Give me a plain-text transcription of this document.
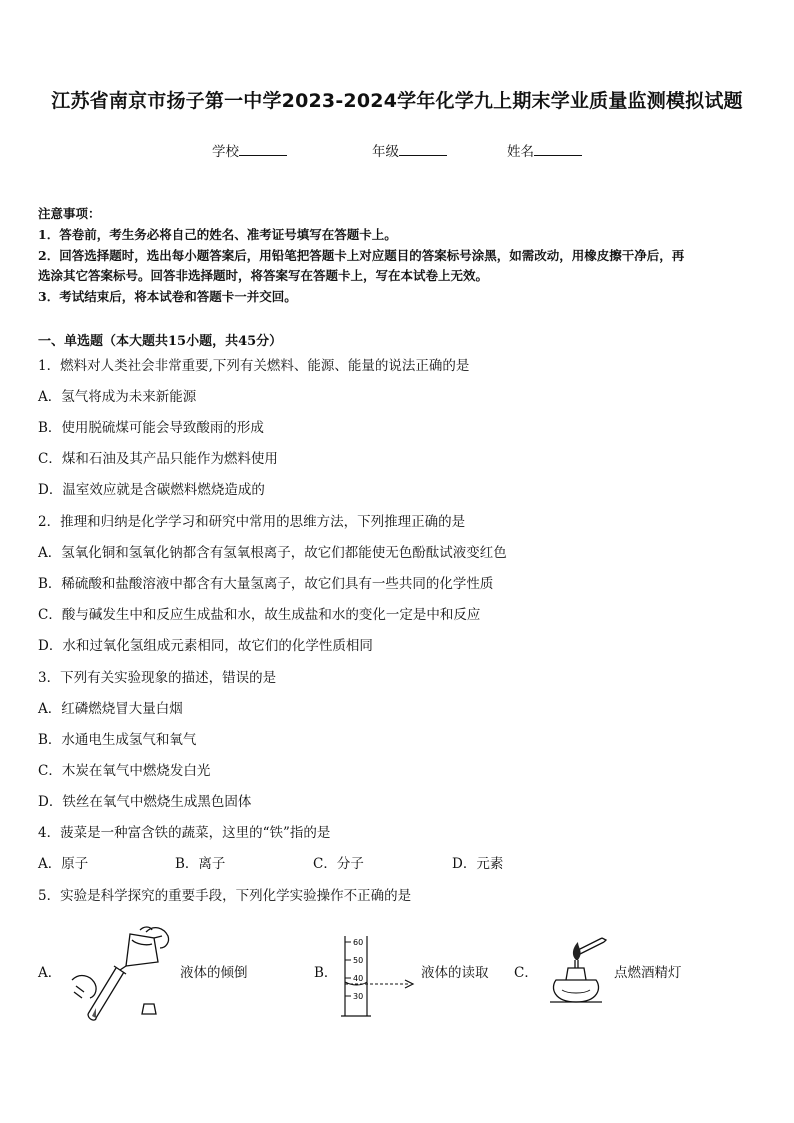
江苏省南京市扬子第一中学2023-2024学年化学九上期末学业质量监测模拟试题
学校	年级	姓名
注意事项：
1．答卷前，考生务必将自己的姓名、准考证号填写在答题卡上。
2．回答选择题时，选出每小题答案后，用铅笔把答题卡上对应题目的答案标号涂黑，如需改动，用橡皮擦干净后，再
选涂其它答案标号。回答非选择题时，将答案写在答题卡上，写在本试卷上无效。
3．考试结束后，将本试卷和答题卡一并交回。
一、单选题（本大题共15小题，共45分）
1．燃料对人类社会非常重要,下列有关燃料、能源、能量的说法正确的是
A．氢气将成为未来新能源
B．使用脱硫煤可能会导致酸雨的形成
C．煤和石油及其产品只能作为燃料使用
D．温室效应就是含碳燃料燃烧造成的
2．推理和归纳是化学学习和研究中常用的思维方法，下列推理正确的是
A．氢氧化铜和氢氧化钠都含有氢氧根离子，故它们都能使无色酚酞试液变红色
B．稀硫酸和盐酸溶液中都含有大量氢离子，故它们具有一些共同的化学性质
C．酸与碱发生中和反应生成盐和水，故生成盐和水的变化一定是中和反应
D．水和过氧化氢组成元素相同，故它们的化学性质相同
3．下列有关实验现象的描述，错误的是
A．红磷燃烧冒大量白烟
B．水通电生成氢气和氧气
C．木炭在氧气中燃烧发白光
D．铁丝在氧气中燃烧生成黑色固体
4．菠菜是一种富含铁的蔬菜，这里的“铁”指的是
A．原子	B．离子	C．分子	D．元素
5．实验是科学探究的重要手段，下列化学实验操作不正确的是
A．	液体的倾倒	B．
60
50
40
30
液体的读取 C．	点燃酒精灯
